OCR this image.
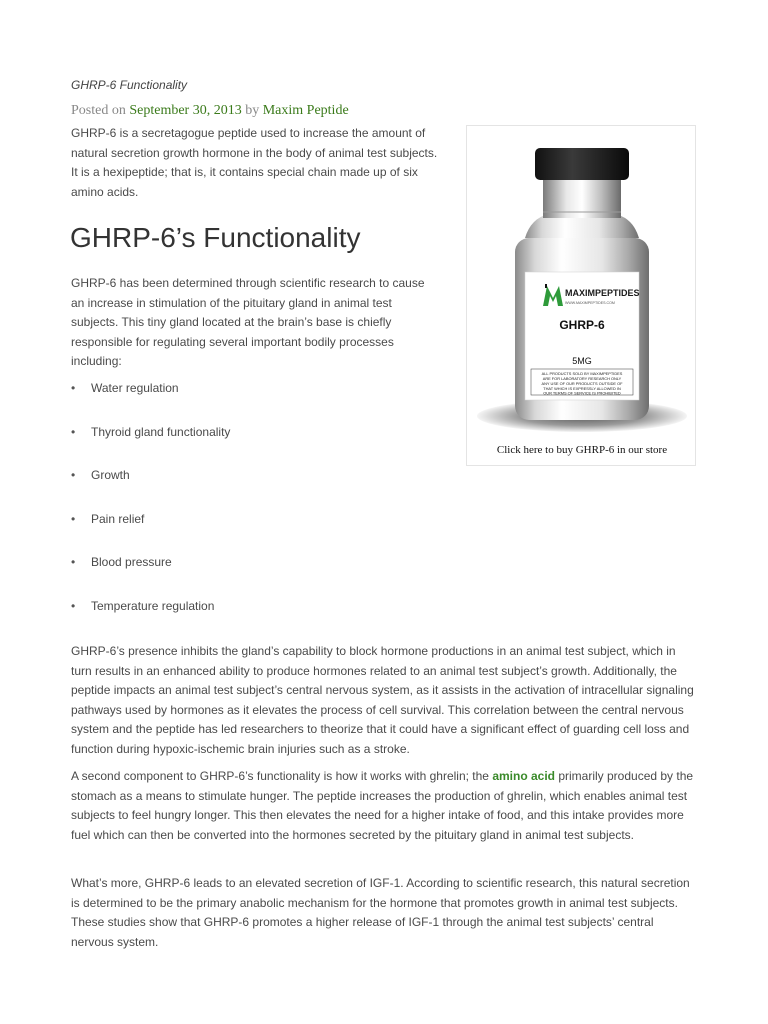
GHRP-6 Functionality

Posted on September 30, 2013 by Maxim Peptide

GHRP-6 is a secretagogue peptide used to increase the amount of natural secretion growth hormone in the body of animal test subjects. It is a hexipeptide; that is, it contains special chain made up of six amino acids.

GHRP-6’s Functionality

GHRP-6 has been determined through scientific research to cause an increase in stimulation of the pituitary gland in animal test subjects. This tiny gland located at the brain’s base is chiefly responsible for regulating several important bodily processes including:

• Water regulation
• Thyroid gland functionality
• Growth
• Pain relief
• Blood pressure
• Temperature regulation

GHRP-6’s presence inhibits the gland’s capability to block hormone productions in an animal test subject, which in turn results in an enhanced ability to produce hormones related to an animal test subject’s growth. Additionally, the peptide impacts an animal test subject’s central nervous system, as it assists in the activation of intracellular signaling pathways used by hormones as it elevates the process of cell survival. This correlation between the central nervous system and the peptide has led researchers to theorize that it could have a significant effect of guarding cell loss and function during hypoxic-ischemic brain injuries such as a stroke.

A second component to GHRP-6’s functionality is how it works with ghrelin; the amino acid primarily produced by the stomach as a means to stimulate hunger. The peptide increases the production of ghrelin, which enables animal test subjects to feel hungry longer. This then elevates the need for a higher intake of food, and this intake provides more fuel which can then be converted into the hormones secreted by the pituitary gland in animal test subjects.

What’s more, GHRP-6 leads to an elevated secretion of IGF-1. According to scientific research, this natural secretion is determined to be the primary anabolic mechanism for the hormone that promotes growth in animal test subjects. These studies show that GHRP-6 promotes a higher release of IGF-1 through the animal test subjects’ central nervous system.

MAXIMPEPTIDES
WWW.MAXIMPEPTIDES.COM
GHRP-6
5MG
ALL PRODUCTS SOLD BY MAXIMPEPTIDES
ARE FOR LABORATORY RESEARCH ONLY
ANY USE OF OUR PRODUCTS OUTSIDE OF
THAT WHICH IS EXPRESSLY ALLOWED IN
OUR TERMS OF SERVICE IS PROHIBITED

Click here to buy GHRP-6 in our store
